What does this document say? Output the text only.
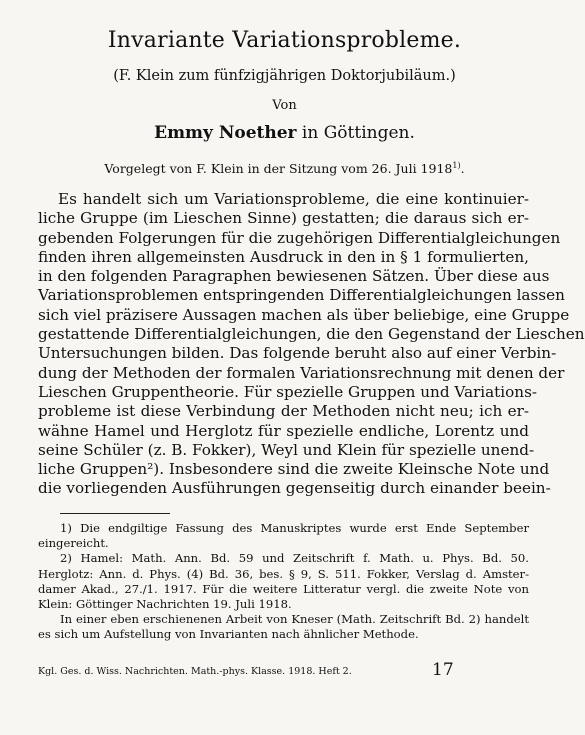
Invariante Variationsprobleme.
(F. Klein zum fünfzigjährigen Doktorjubiläum.)
Von
Emmy Noether in Göttingen.
Vorgelegt von F. Klein in der Sitzung vom 26. Juli 1918$^{1)}$.
Es handelt sich um Variationsprobleme, die eine kontinuier-
liche Gruppe (im Lieschen Sinne) gestatten; die daraus sich er-
gebenden Folgerungen für die zugehörigen Differentialgleichungen
finden ihren allgemeinsten Ausdruck in den in § 1 formulierten,
in den folgenden Paragraphen bewiesenen Sätzen. Über diese aus
Variationsproblemen entspringenden Differentialgleichungen lassen
sich viel präzisere Aussagen machen als über beliebige, eine Gruppe
gestattende Differentialgleichungen, die den Gegenstand der Lieschen
Untersuchungen bilden. Das folgende beruht also auf einer Verbin-
dung der Methoden der formalen Variationsrechnung mit denen der
Lieschen Gruppentheorie. Für spezielle Gruppen und Variations-
probleme ist diese Verbindung der Methoden nicht neu; ich er-
wähne Hamel und Herglotz für spezielle endliche, Lorentz und
seine Schüler (z. B. Fokker), Weyl und Klein für spezielle unend-
liche Gruppen²). Insbesondere sind die zweite Kleinsche Note und
die vorliegenden Ausführungen gegenseitig durch einander beein-
1) Die endgiltige Fassung des Manuskriptes wurde erst Ende September
eingereicht.
2) Hamel: Math. Ann. Bd. 59 und Zeitschrift f. Math. u. Phys. Bd. 50.
Herglotz: Ann. d. Phys. (4) Bd. 36, bes. § 9, S. 511. Fokker, Verslag d. Amster-
damer Akad., 27./1. 1917. Für die weitere Litteratur vergl. die zweite Note von
Klein: Göttinger Nachrichten 19. Juli 1918.
In einer eben erschienenen Arbeit von Kneser (Math. Zeitschrift Bd. 2) handelt
es sich um Aufstellung von Invarianten nach ähnlicher Methode.
Kgl. Ges. d. Wiss. Nachrichten. Math.-phys. Klasse. 1918. Heft 2.	17
